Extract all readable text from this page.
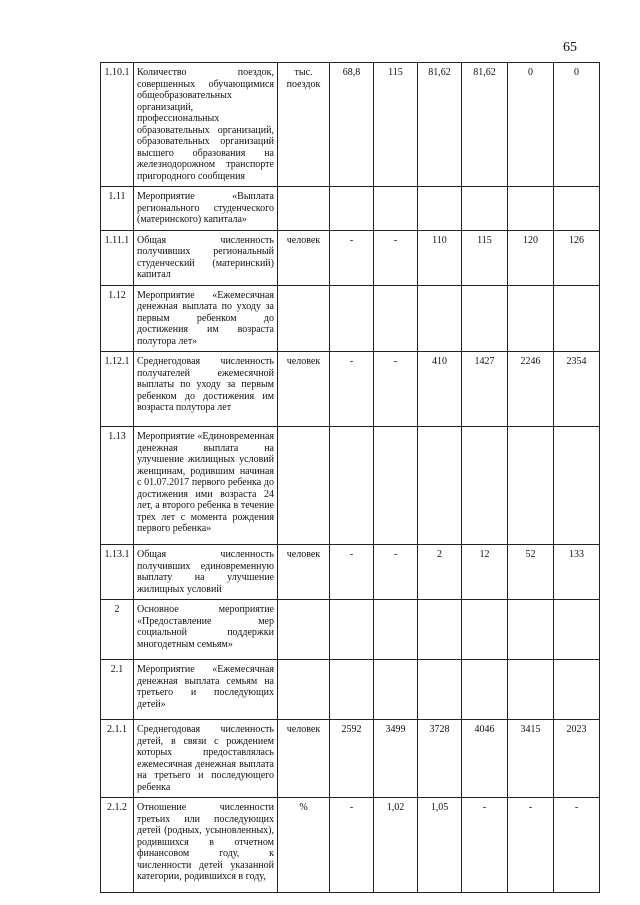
65
1.10.1	Количество поездок, совершенных обучающимися общеобразовательных организаций, профессиональных образовательных организаций, образовательных организаций высшего образования на железнодорожном транспорте пригородного сообщения	тыс. поездок	68,8	115	81,62	81,62	0	0
1.11	Мероприятие «Выплата регионального студенческого (материнского) капитала»							
1.11.1	Общая численность получивших региональный студенческий (материнский) капитал	человек	-	-	110	115	120	126
1.12	Мероприятие «Ежемесячная денежная выплата по уходу за первым ребенком до достижения им возраста полутора лет»							
1.12.1	Среднегодовая численность получателей ежемесячной выплаты по уходу за первым ребенком до достижения им возраста полутора лет	человек	-	-	410	1427	2246	2354
1.13	Мероприятие «Единовременная денежная выплата на улучшение жилищных условий женщинам, родившим начиная с 01.07.2017 первого ребенка до достижения ими возраста 24 лет, а второго ребенка в течение трех лет с момента рождения первого ребенка»							
1.13.1	Общая численность получивших единовременную выплату на улучшение жилищных условий	человек	-	-	2	12	52	133
2	Основное мероприятие «Предоставление мер социальной поддержки многодетным семьям»							
2.1	Мероприятие «Ежемесячная денежная выплата семьям на третьего и последующих детей»							
2.1.1	Среднегодовая численность детей, в связи с рождением которых предоставлялась ежемесячная денежная выплата на третьего и последующего ребенка	человек	2592	3499	3728	4046	3415	2023
2.1.2	Отношение численности третьих или последующих детей (родных, усыновленных), родившихся в отчетном финансовом году, к численности детей указанной категории, родившихся в году,	%	-	1,02	1,05	-	-	-
